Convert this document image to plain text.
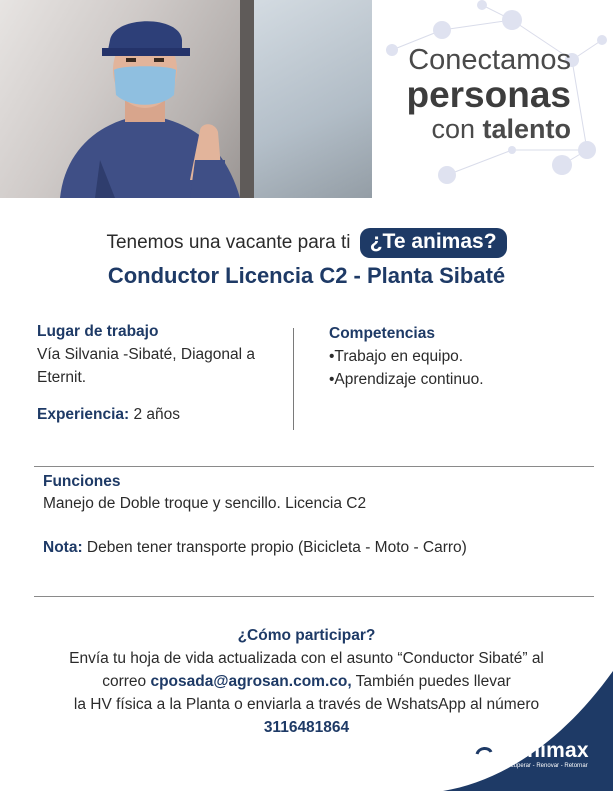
Conectamos
personas
con talento
Tenemos una vacante para ti ¿Te animas?
Conductor Licencia C2 - Planta Sibaté
Lugar de trabajo
Vía Silvania -Sibaté, Diagonal a Eternit.
Experiencia: 2 años
Competencias
•Trabajo en equipo.
•Aprendizaje continuo.
Funciones
Manejo de Doble troque y sencillo. Licencia C2
Nota: Deben tener transporte propio (Bicicleta - Moto - Carro)
¿Cómo participar?
Envía tu hoja de vida actualizada con el asunto “Conductor Sibaté” al
correo cposada@agrosan.com.co, También puedes llevar
la HV física a la Planta o enviarla a través de WshatsApp al número
3116481864
Sanimax
Recuperar - Renovar - Retornar
